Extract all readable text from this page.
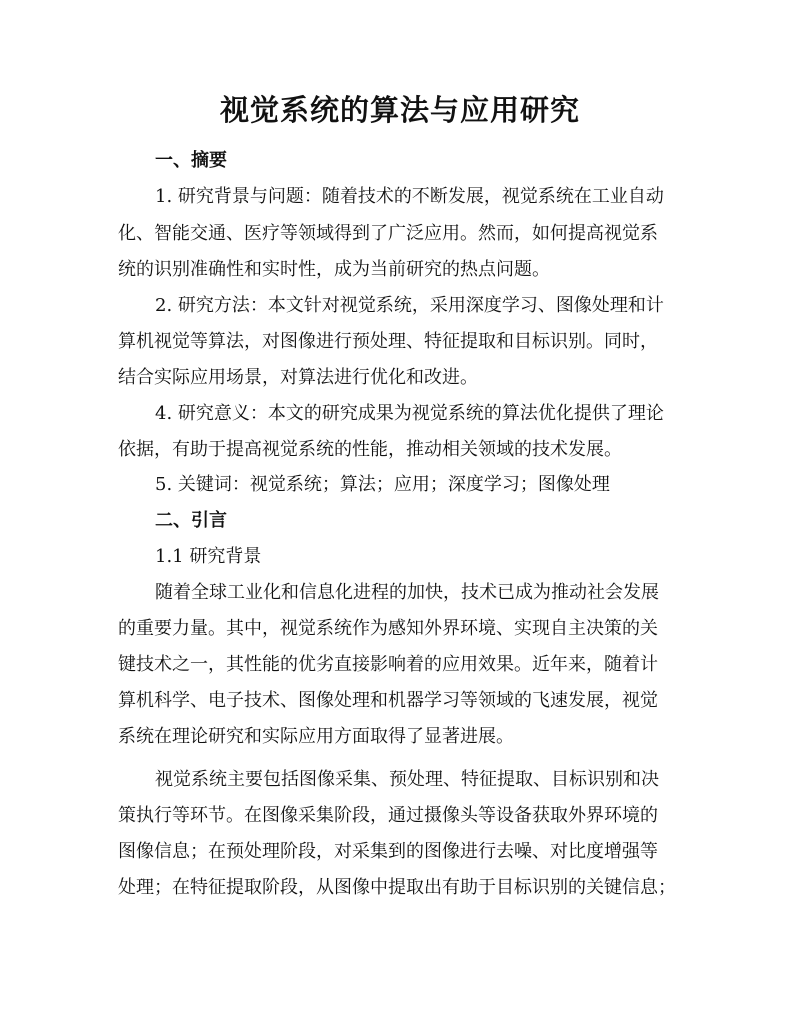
视觉系统的算法与应用研究
一、摘要
1. 研究背景与问题：随着技术的不断发展，视觉系统在工业自动
化、智能交通、医疗等领域得到了广泛应用。然而，如何提高视觉系
统的识别准确性和实时性，成为当前研究的热点问题。
2. 研究方法：本文针对视觉系统，采用深度学习、图像处理和计
算机视觉等算法，对图像进行预处理、特征提取和目标识别。同时，
结合实际应用场景，对算法进行优化和改进。
4. 研究意义：本文的研究成果为视觉系统的算法优化提供了理论
依据，有助于提高视觉系统的性能，推动相关领域的技术发展。
5. 关键词：视觉系统；算法；应用；深度学习；图像处理
二、引言
1.1 研究背景
随着全球工业化和信息化进程的加快，技术已成为推动社会发展
的重要力量。其中，视觉系统作为感知外界环境、实现自主决策的关
键技术之一，其性能的优劣直接影响着的应用效果。近年来，随着计
算机科学、电子技术、图像处理和机器学习等领域的飞速发展，视觉
系统在理论研究和实际应用方面取得了显著进展。
视觉系统主要包括图像采集、预处理、特征提取、目标识别和决
策执行等环节。在图像采集阶段，通过摄像头等设备获取外界环境的
图像信息；在预处理阶段，对采集到的图像进行去噪、对比度增强等
处理；在特征提取阶段，从图像中提取出有助于目标识别的关键信息；
